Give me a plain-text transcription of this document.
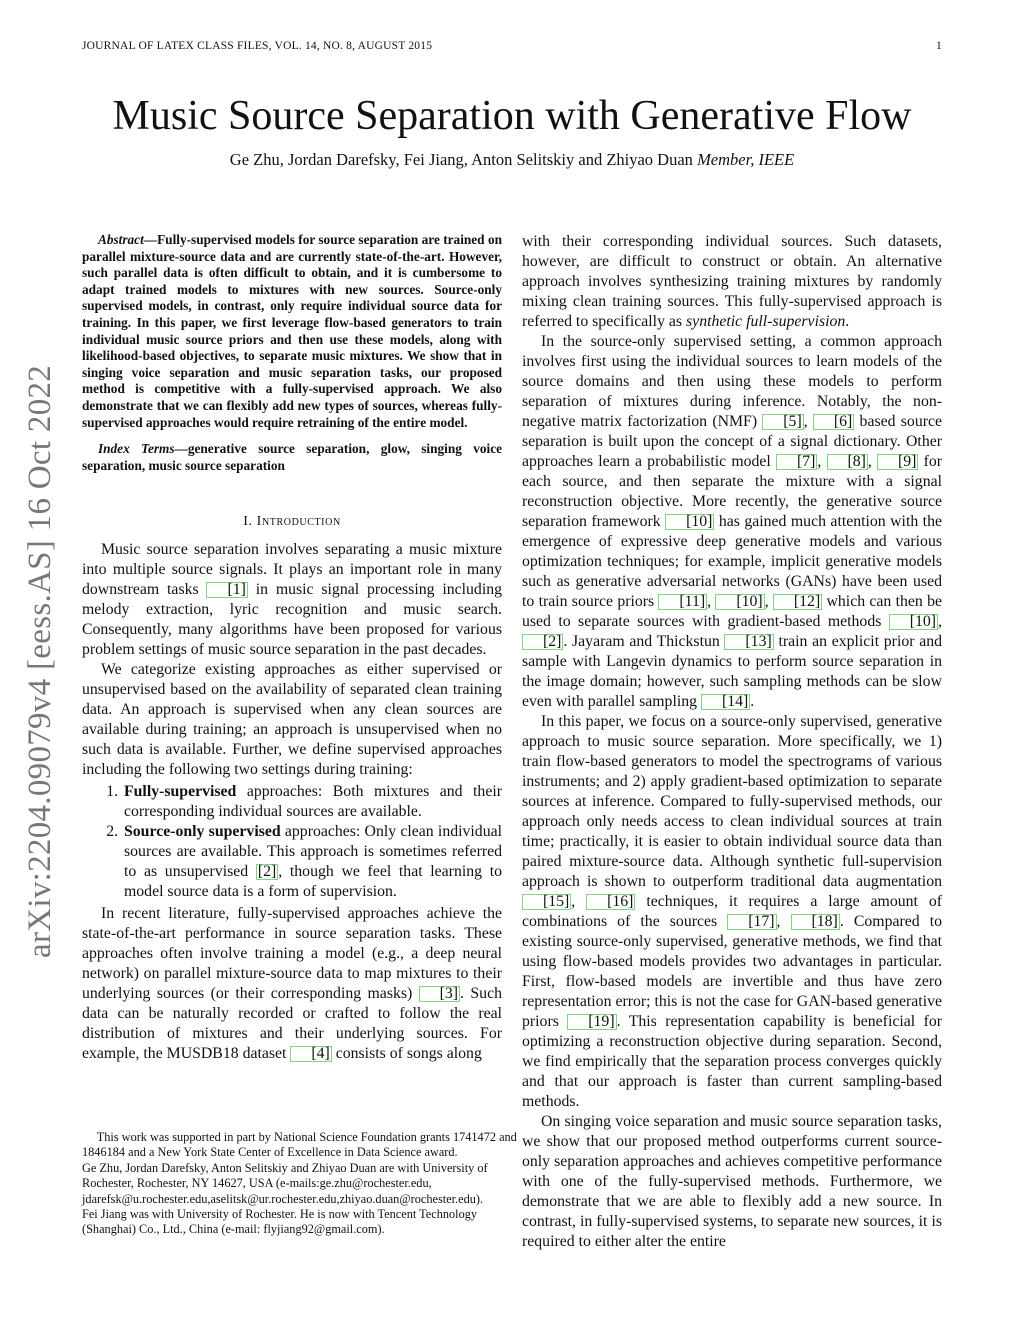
JOURNAL OF LATEX CLASS FILES, VOL. 14, NO. 8, AUGUST 2015	1
Music Source Separation with Generative Flow
Ge Zhu, Jordan Darefsky, Fei Jiang, Anton Selitskiy and Zhiyao Duan Member, IEEE
arXiv:2204.09079v4 [eess.AS] 16 Oct 2022

Abstract—Fully-supervised models for source separation are trained on parallel mixture-source data and are currently state-of-the-art. However, such parallel data is often difficult to obtain, and it is cumbersome to adapt trained models to mixtures with new sources. Source-only supervised models, in contrast, only require individual source data for training. In this paper, we first leverage flow-based generators to train individual music source priors and then use these models, along with likelihood-based objectives, to separate music mixtures. We show that in singing voice separation and music separation tasks, our proposed method is competitive with a fully-supervised approach. We also demonstrate that we can flexibly add new types of sources, whereas fully-supervised approaches would require retraining of the entire model.

Index Terms—generative source separation, glow, singing voice separation, music source separation

I. Introduction

Music source separation involves separating a music mixture into multiple source signals. It plays an important role in many downstream tasks [1] in music signal processing including melody extraction, lyric recognition and music search. Consequently, many algorithms have been proposed for various problem settings of music source separation in the past decades.

We categorize existing approaches as either supervised or unsupervised based on the availability of separated clean training data. An approach is supervised when any clean sources are available during training; an approach is unsupervised when no such data is available. Further, we define supervised approaches including the following two settings during training:

1. Fully-supervised approaches: Both mixtures and their corresponding individual sources are available.
2. Source-only supervised approaches: Only clean individual sources are available. This approach is sometimes referred to as unsupervised [2] , though we feel that learning to model source data is a form of supervision.

In recent literature, fully-supervised approaches achieve the state-of-the-art performance in source separation tasks. These approaches often involve training a model (e.g., a deep neural network) on parallel mixture-source data to map mixtures to their underlying sources (or their corresponding masks) [3] . Such data can be naturally recorded or crafted to follow the real distribution of mixtures and their underlying sources. For example, the MUSDB18 dataset [4] consists of songs along

This work was supported in part by National Science Foundation grants 1741472 and 1846184 and a New York State Center of Excellence in Data Science award.

Ge Zhu, Jordan Darefsky, Anton Selitskiy and Zhiyao Duan are with University of Rochester, Rochester, NY 14627, USA (e-mails:ge.zhu@rochester.edu, jdarefsk@u.rochester.edu,aselitsk@ur.rochester.edu,zhiyao.duan@rochester.edu).

Fei Jiang was with University of Rochester. He is now with Tencent Technology (Shanghai) Co., Ltd., China (e-mail: flyjiang92@gmail.com).

with their corresponding individual sources. Such datasets, however, are difficult to construct or obtain. An alternative approach involves synthesizing training mixtures by randomly mixing clean training sources. This fully-supervised approach is referred to specifically as synthetic full-supervision.

In the source-only supervised setting, a common approach involves first using the individual sources to learn models of the source domains and then using these models to perform separation of mixtures during inference. Notably, the non-negative matrix factorization (NMF) [5] , [6] based source separation is built upon the concept of a signal dictionary. Other approaches learn a probabilistic model [7] , [8] , [9] for each source, and then separate the mixture with a signal reconstruction objective. More recently, the generative source separation framework [10] has gained much attention with the emergence of expressive deep generative models and various optimization techniques; for example, implicit generative models such as generative adversarial networks (GANs) have been used to train source priors [11] , [10] , [12] which can then be used to separate sources with gradient-based methods [10] , [2] . Jayaram and Thickstun [13] train an explicit prior and sample with Langevin dynamics to perform source separation in the image domain; however, such sampling methods can be slow even with parallel sampling [14] .

In this paper, we focus on a source-only supervised, generative approach to music source separation. More specifically, we 1) train flow-based generators to model the spectrograms of various instruments; and 2) apply gradient-based optimization to separate sources at inference. Compared to fully-supervised methods, our approach only needs access to clean individual sources at train time; practically, it is easier to obtain individual source data than paired mixture-source data. Although synthetic full-supervision approach is shown to outperform traditional data augmentation [15] , [16] techniques, it requires a large amount of combinations of the sources [17] , [18] . Compared to existing source-only supervised, generative methods, we find that using flow-based models provides two advantages in particular. First, flow-based models are invertible and thus have zero representation error; this is not the case for GAN-based generative priors [19] . This representation capability is beneficial for optimizing a reconstruction objective during separation. Second, we find empirically that the separation process converges quickly and that our approach is faster than current sampling-based methods.

On singing voice separation and music source separation tasks, we show that our proposed method outperforms current source-only separation approaches and achieves competitive performance with one of the fully-supervised methods. Furthermore, we demonstrate that we are able to flexibly add a new source. In contrast, in fully-supervised systems, to separate new sources, it is required to either alter the entire
